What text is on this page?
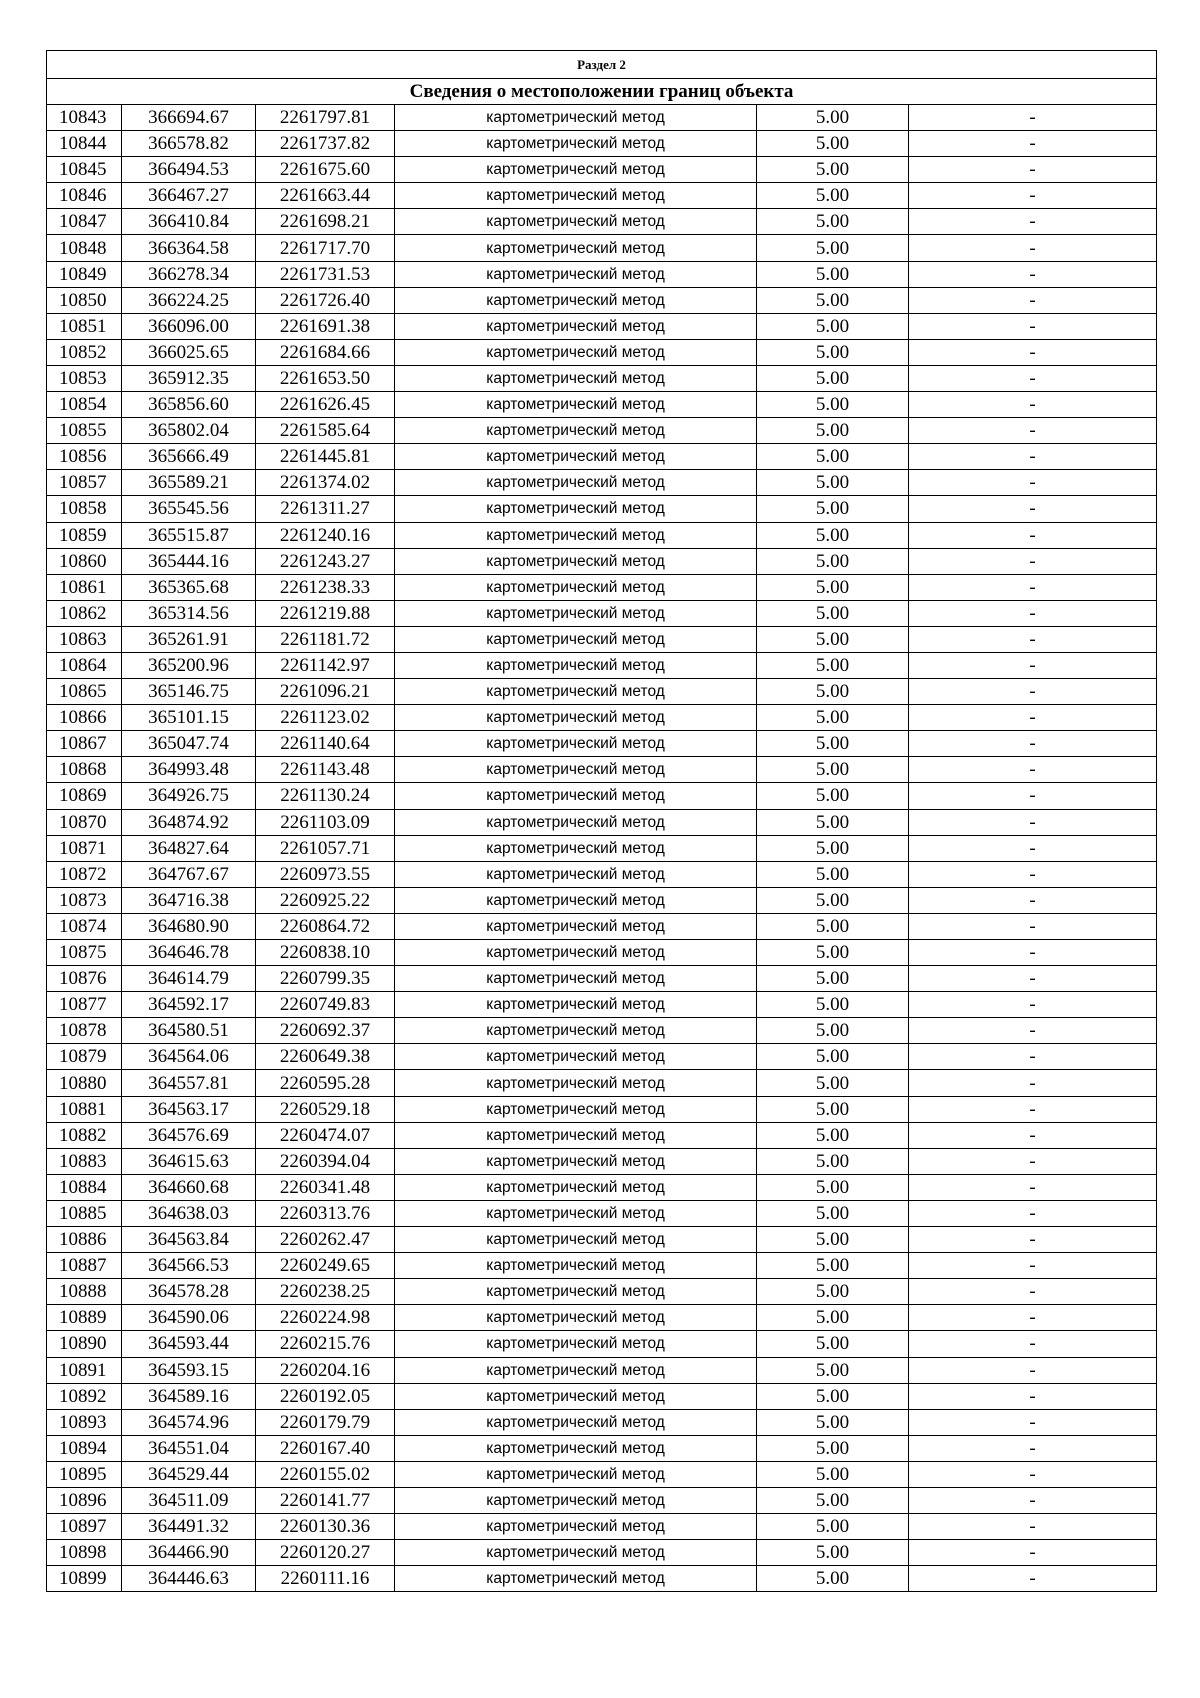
Раздел 2					
Сведения о местоположении границ объекта					
10843	366694.67	2261797.81	картометрический метод	5.00	-
10844	366578.82	2261737.82	картометрический метод	5.00	-
10845	366494.53	2261675.60	картометрический метод	5.00	-
10846	366467.27	2261663.44	картометрический метод	5.00	-
10847	366410.84	2261698.21	картометрический метод	5.00	-
10848	366364.58	2261717.70	картометрический метод	5.00	-
10849	366278.34	2261731.53	картометрический метод	5.00	-
10850	366224.25	2261726.40	картометрический метод	5.00	-
10851	366096.00	2261691.38	картометрический метод	5.00	-
10852	366025.65	2261684.66	картометрический метод	5.00	-
10853	365912.35	2261653.50	картометрический метод	5.00	-
10854	365856.60	2261626.45	картометрический метод	5.00	-
10855	365802.04	2261585.64	картометрический метод	5.00	-
10856	365666.49	2261445.81	картометрический метод	5.00	-
10857	365589.21	2261374.02	картометрический метод	5.00	-
10858	365545.56	2261311.27	картометрический метод	5.00	-
10859	365515.87	2261240.16	картометрический метод	5.00	-
10860	365444.16	2261243.27	картометрический метод	5.00	-
10861	365365.68	2261238.33	картометрический метод	5.00	-
10862	365314.56	2261219.88	картометрический метод	5.00	-
10863	365261.91	2261181.72	картометрический метод	5.00	-
10864	365200.96	2261142.97	картометрический метод	5.00	-
10865	365146.75	2261096.21	картометрический метод	5.00	-
10866	365101.15	2261123.02	картометрический метод	5.00	-
10867	365047.74	2261140.64	картометрический метод	5.00	-
10868	364993.48	2261143.48	картометрический метод	5.00	-
10869	364926.75	2261130.24	картометрический метод	5.00	-
10870	364874.92	2261103.09	картометрический метод	5.00	-
10871	364827.64	2261057.71	картометрический метод	5.00	-
10872	364767.67	2260973.55	картометрический метод	5.00	-
10873	364716.38	2260925.22	картометрический метод	5.00	-
10874	364680.90	2260864.72	картометрический метод	5.00	-
10875	364646.78	2260838.10	картометрический метод	5.00	-
10876	364614.79	2260799.35	картометрический метод	5.00	-
10877	364592.17	2260749.83	картометрический метод	5.00	-
10878	364580.51	2260692.37	картометрический метод	5.00	-
10879	364564.06	2260649.38	картометрический метод	5.00	-
10880	364557.81	2260595.28	картометрический метод	5.00	-
10881	364563.17	2260529.18	картометрический метод	5.00	-
10882	364576.69	2260474.07	картометрический метод	5.00	-
10883	364615.63	2260394.04	картометрический метод	5.00	-
10884	364660.68	2260341.48	картометрический метод	5.00	-
10885	364638.03	2260313.76	картометрический метод	5.00	-
10886	364563.84	2260262.47	картометрический метод	5.00	-
10887	364566.53	2260249.65	картометрический метод	5.00	-
10888	364578.28	2260238.25	картометрический метод	5.00	-
10889	364590.06	2260224.98	картометрический метод	5.00	-
10890	364593.44	2260215.76	картометрический метод	5.00	-
10891	364593.15	2260204.16	картометрический метод	5.00	-
10892	364589.16	2260192.05	картометрический метод	5.00	-
10893	364574.96	2260179.79	картометрический метод	5.00	-
10894	364551.04	2260167.40	картометрический метод	5.00	-
10895	364529.44	2260155.02	картометрический метод	5.00	-
10896	364511.09	2260141.77	картометрический метод	5.00	-
10897	364491.32	2260130.36	картометрический метод	5.00	-
10898	364466.90	2260120.27	картометрический метод	5.00	-
10899	364446.63	2260111.16	картометрический метод	5.00	-
